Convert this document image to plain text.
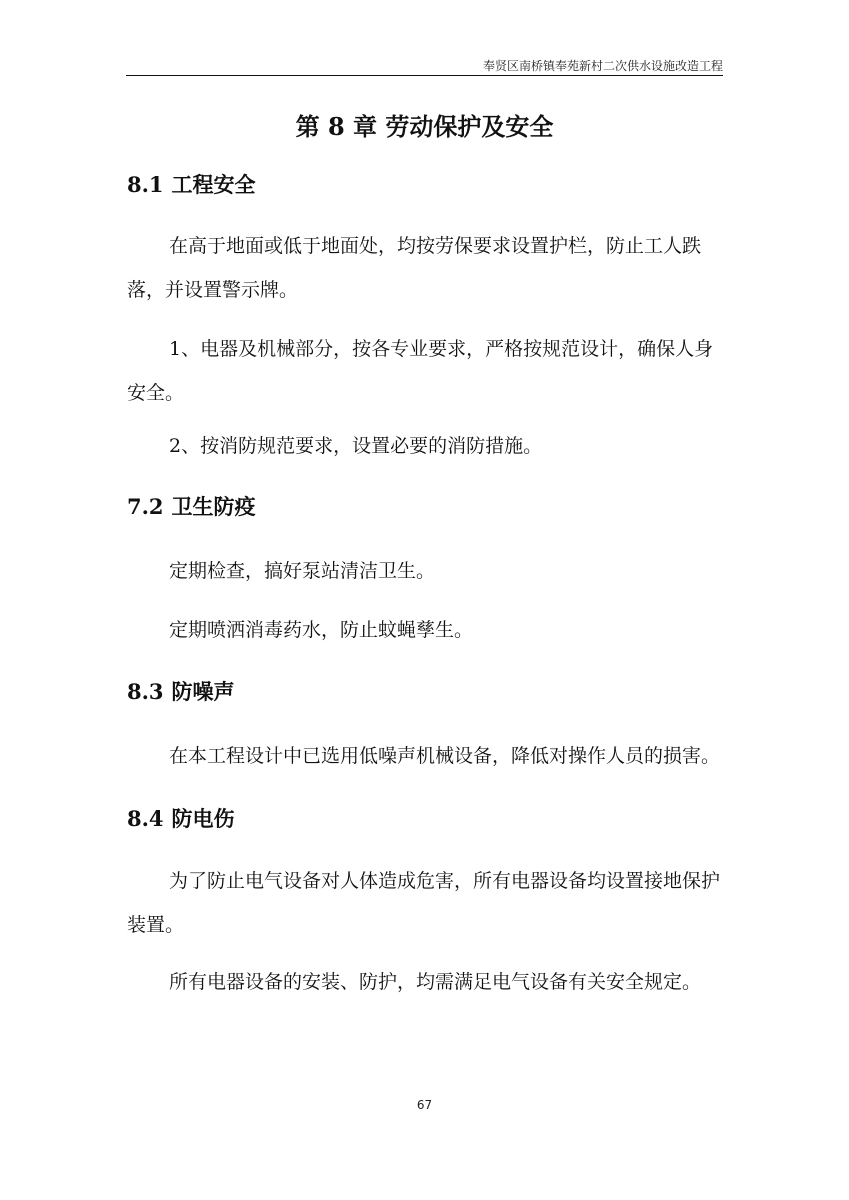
奉贤区南桥镇奉苑新村二次供水设施改造工程
第 8 章 劳动保护及安全
8.1 工程安全

在高于地面或低于地面处，均按劳保要求设置护栏，防止工人跌落，并设置警示牌。

1、电器及机械部分，按各专业要求，严格按规范设计，确保人身安全。

2、按消防规范要求，设置必要的消防措施。

7.2 卫生防疫

定期检查，搞好泵站清洁卫生。

定期喷洒消毒药水，防止蚊蝇孳生。

8.3 防噪声

在本工程设计中已选用低噪声机械设备，降低对操作人员的损害。

8.4 防电伤

为了防止电气设备对人体造成危害，所有电器设备均设置接地保护装置。

所有电器设备的安装、防护，均需满足电气设备有关安全规定。

67
